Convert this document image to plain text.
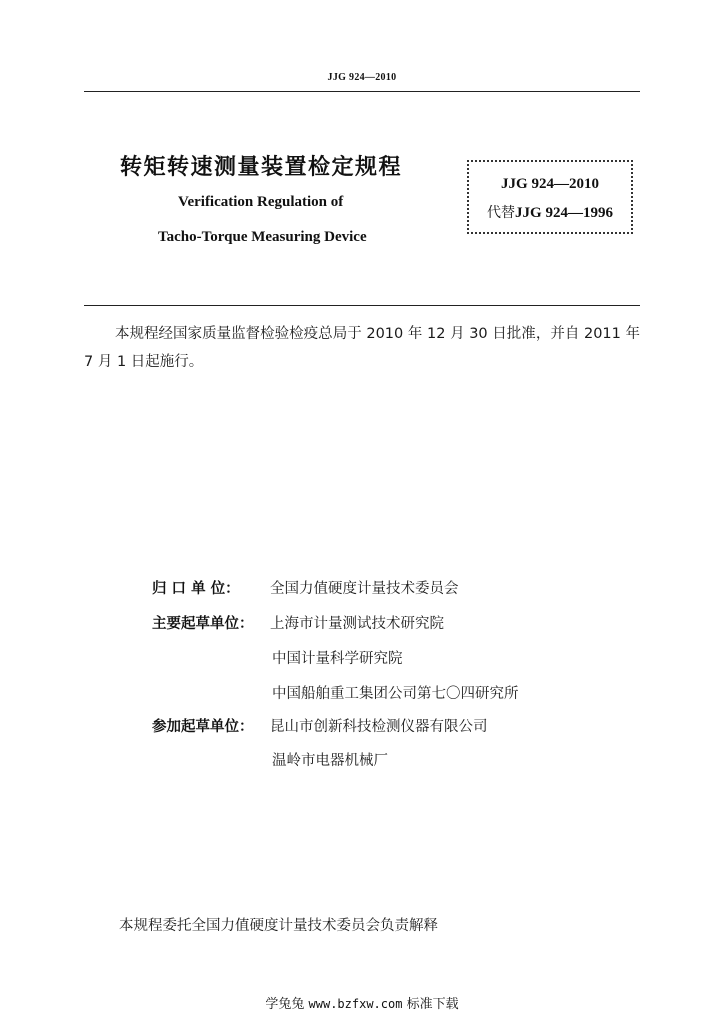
JJG 924—2010
转矩转速测量装置检定规程
Verification Regulation of
Tacho-Torque Measuring Device
JJG 924—2010
代替JJG 924—1996
本规程经国家质量监督检验检疫总局于 2010 年 12 月 30 日批准，并自 2011 年 7 月 1 日起施行。
归 口 单 位：	全国力值硬度计量技术委员会
主要起草单位：	上海市计量测试技术研究院
中国计量科学研究院
中国船舶重工集团公司第七〇四研究所
参加起草单位：	昆山市创新科技检测仪器有限公司
温岭市电器机械厂
本规程委托全国力值硬度计量技术委员会负责解释
学兔兔 www.bzfxw.com 标准下载
